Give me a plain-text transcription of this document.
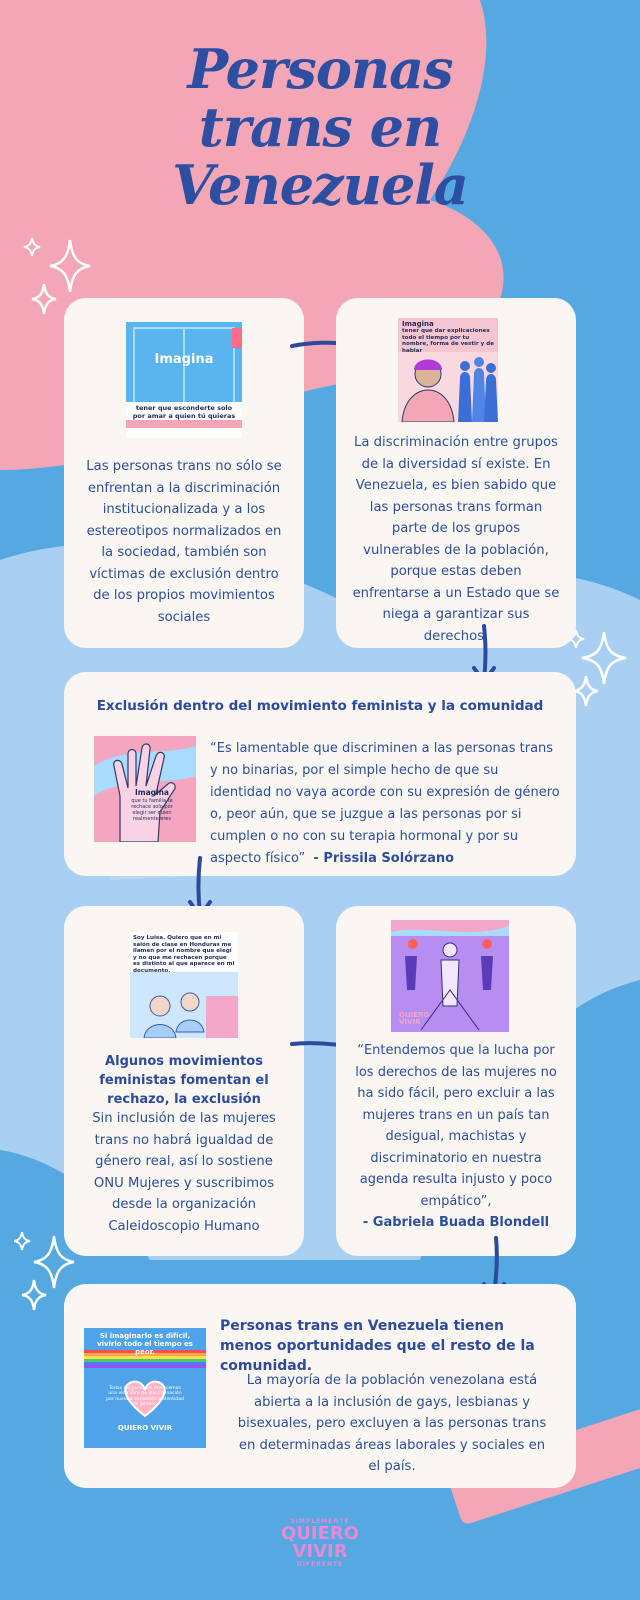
Personas
trans en
Venezuela
Imagina
tener que esconderte solo por amar a quien tú quieras
Las personas trans no sólo se enfrentan a la discriminación institucionalizada y a los estereotipos normalizados en la sociedad, también son víctimas de exclusión dentro de los propios movimientos sociales
Imagina
tener que dar explicaciones todo el tiempo por tu nombre, forma de vestir y de hablar
La discriminación entre grupos de la diversidad sí existe. En Venezuela, es bien sabido que las personas trans forman parte de los grupos vulnerables de la población, porque estas deben enfrentarse a un Estado que se niega a garantizar sus derechos.
Exclusión dentro del movimiento feminista y la comunidad
Imagina
que tu familia te rechace solo por elegir ser quien realmente eres
“Es lamentable que discriminen a las personas trans y no binarias, por el simple hecho de que su identidad no vaya acorde con su expresión de género o, peor aún, que se juzgue a las personas por si cumplen o no con su terapia hormonal y por su aspecto físico” - Prissila Solórzano
Soy Luisa. Quiero que en mi salón de clase en Honduras me llamen por el nombre que elegí y no que me rechacen porque es distinto al que aparece en mi documento.
Algunos movimientos feministas fomentan el rechazo, la exclusión
Sin inclusión de las mujeres trans no habrá igualdad de género real, así lo sostiene ONU Mujeres y suscribimos desde la organización Caleidoscopio Humano
QUIERO
VIVIR
“Entendemos que la lucha por los derechos de las mujeres no ha sido fácil, pero excluir a las mujeres trans en un país tan desigual, machistas y discriminatorio en nuestra agenda resulta injusto y poco empático”,
- Gabriela Buada Blondell
Si imaginarlo es difícil, vivirlo todo el tiempo es peor.
Todas las personas merecemos una vida libre de discriminación por nuestra expresión e identidad de género.
QUIERO VIVIR
Personas trans en Venezuela tienen menos oportunidades que el resto de la comunidad.
La mayoría de la población venezolana está abierta a la inclusión de gays, lesbianas y bisexuales, pero excluyen a las personas trans en determinadas áreas laborales y sociales en el país.
SIMPLEMENTE
QUIERO
VIVIR
DIFERENTE
